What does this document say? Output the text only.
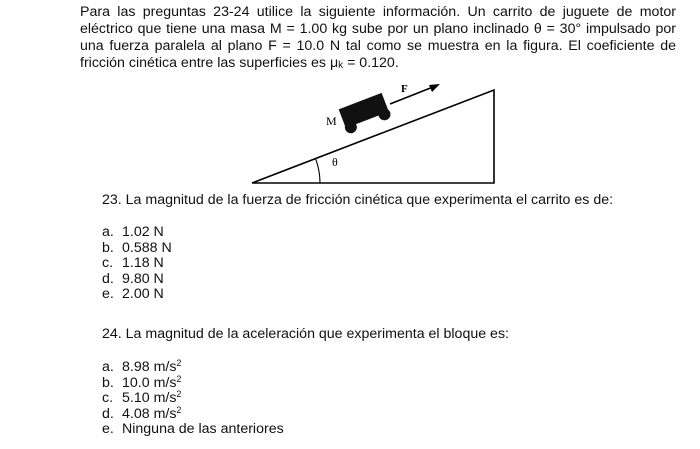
Para las preguntas 23-24 utilice la siguiente información. Un carrito de juguete de motor eléctrico que tiene una masa M = 1.00 kg sube por un plano inclinado θ = 30° impulsado por una fuerza paralela al plano F = 10.0 N tal como se muestra en la figura. El coeficiente de fricción cinética entre las superficies es μk = 0.120.
θ
F
M
23. La magnitud de la fuerza de fricción cinética que experimenta el carrito es de:
a. 1.02 N
b. 0.588 N
c. 1.18 N
d. 9.80 N
e. 2.00 N
24. La magnitud de la aceleración que experimenta el bloque es:
a. 8.98 $m/s^2$
b. 10.0 $m/s^2$
c. 5.10 $m/s^2$
d. 4.08 $m/s^2$
e. Ninguna de las anteriores
